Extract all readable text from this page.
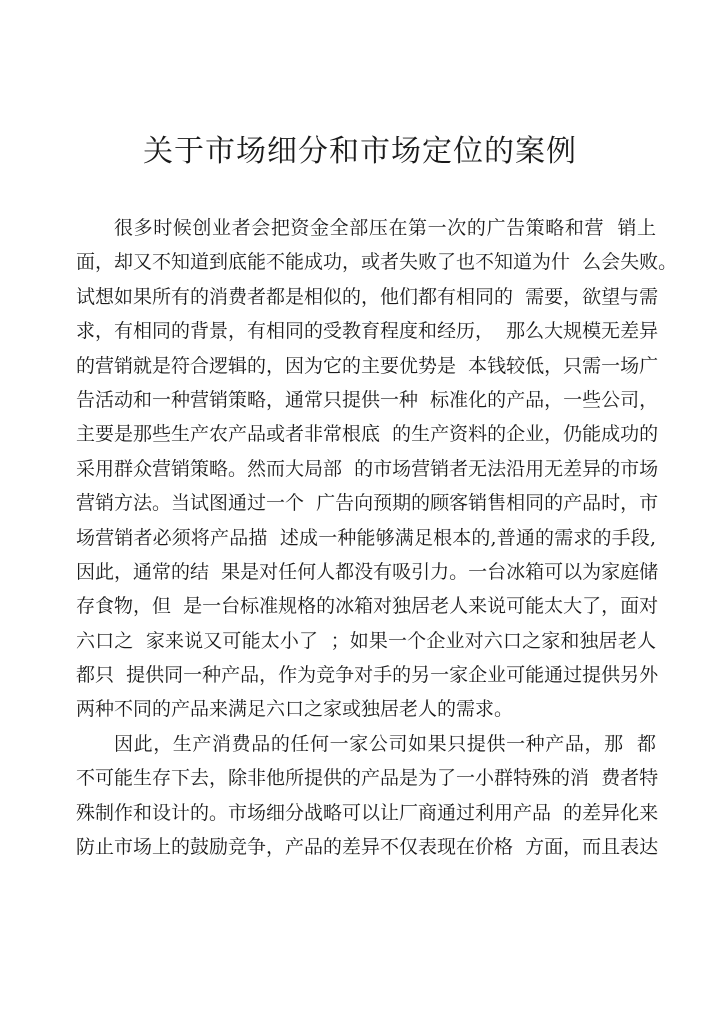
关于市场细分和市场定位的案例
很多时候创业者会把资金全部压在第一次的广告策略和营  销上
面，却又不知道到底能不能成功，或者失败了也不知道为什  么会失败。
试想如果所有的消费者都是相似的，他们都有相同的  需要，欲望与需
求，有相同的背景，有相同的受教育程度和经历，  那么大规模无差异
的营销就是符合逻辑的，因为它的主要优势是  本钱较低，只需一场广
告活动和一种营销策略，通常只提供一种  标准化的产品，一些公司，
主要是那些生产农产品或者非常根底  的生产资料的企业，仍能成功的
采用群众营销策略。然而大局部  的市场营销者无法沿用无差异的市场
营销方法。当试图通过一个  广告向预期的顾客销售相同的产品时，市
场营销者必须将产品描  述成一种能够满足根本的,普通的需求的手段,
因此，通常的结  果是对任何人都没有吸引力。一台冰箱可以为家庭储
存食物，但  是一台标准规格的冰箱对独居老人来说可能太大了，面对
六口之  家来说又可能太小了  ；如果一个企业对六口之家和独居老人
都只  提供同一种产品，作为竞争对手的另一家企业可能通过提供另外
两种不同的产品来满足六口之家或独居老人的需求。
因此，生产消费品的任何一家公司如果只提供一种产品，那  都
不可能生存下去，除非他所提供的产品是为了一小群特殊的消  费者特
殊制作和设计的。市场细分战略可以让厂商通过利用产品  的差异化来
防止市场上的鼓励竞争，产品的差异不仅表现在价格  方面，而且表达
